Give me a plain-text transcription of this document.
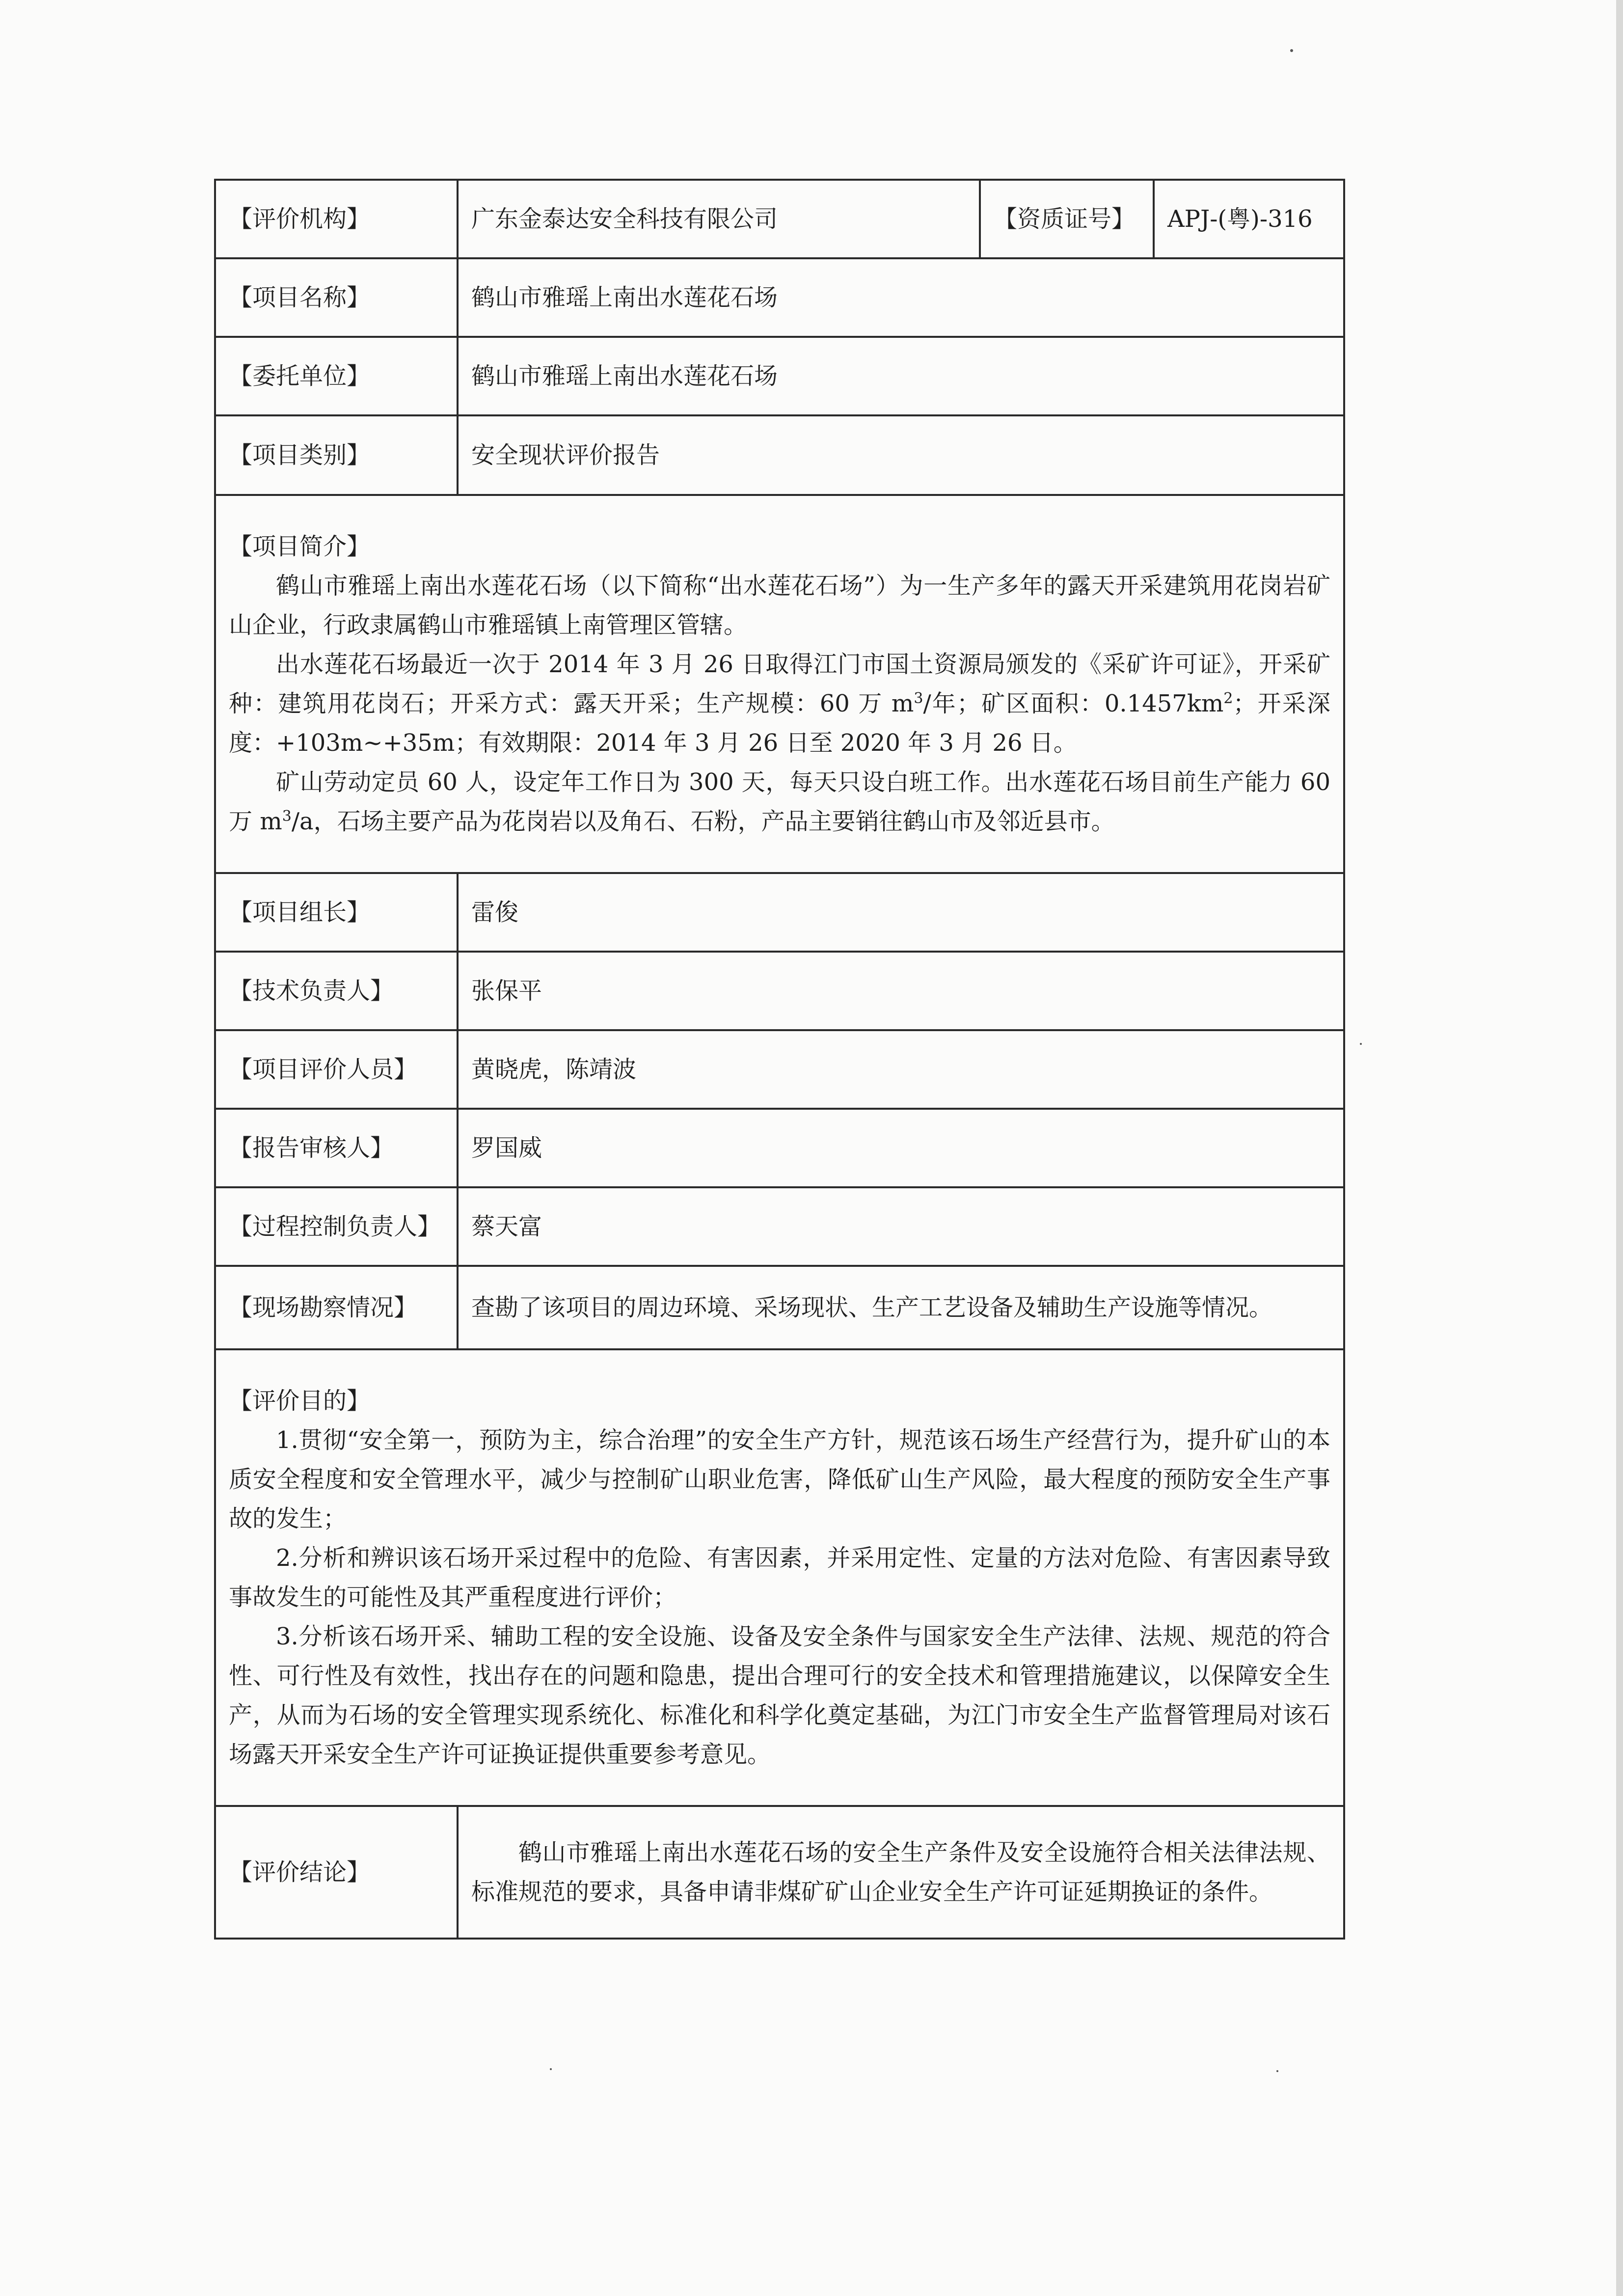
【评价机构】	广东金泰达安全科技有限公司	【资质证号】	APJ-(粤)-316
【项目名称】	鹤山市雅瑶上南出水莲花石场		
【委托单位】	鹤山市雅瑶上南出水莲花石场		
【项目类别】	安全现状评价报告		

【项目简介】

鹤山市雅瑶上南出水莲花石场（以下简称“出水莲花石场”）为一生产多年的露天开采建筑用花岗岩矿山企业，行政隶属鹤山市雅瑶镇上南管理区管辖。

出水莲花石场最近一次于 2014 年 3 月 26 日取得江门市国土资源局颁发的《采矿许可证》，开采矿种：建筑用花岗石；开采方式：露天开采；生产规模：60 万 $m^3/$年；矿区面积：$0.1457km^2$；开采深度：+103m~+35m；有效期限：2014 年 3 月 26 日至 2020 年 3 月 26 日。

矿山劳动定员 60 人，设定年工作日为 300 天，每天只设白班工作。出水莲花石场目前生产能力 60 万 $m^3/a$，石场主要产品为花岗岩以及角石、石粉，产品主要销往鹤山市及邻近县市。			

【项目组长】	雷俊		
【技术负责人】	张保平		
【项目评价人员】	黄晓虎，陈靖波		
【报告审核人】	罗国威		
【过程控制负责人】	蔡天富		
【现场勘察情况】	查勘了该项目的周边环境、采场现状、生产工艺设备及辅助生产设施等情况。		

【评价目的】

1.贯彻“安全第一，预防为主，综合治理”的安全生产方针，规范该石场生产经营行为，提升矿山的本质安全程度和安全管理水平，减少与控制矿山职业危害，降低矿山生产风险，最大程度的预防安全生产事故的发生；

2.分析和辨识该石场开采过程中的危险、有害因素，并采用定性、定量的方法对危险、有害因素导致事故发生的可能性及其严重程度进行评价；

3.分析该石场开采、辅助工程的安全设施、设备及安全条件与国家安全生产法律、法规、规范的符合性、可行性及有效性，找出存在的问题和隐患，提出合理可行的安全技术和管理措施建议，以保障安全生产，从而为石场的安全管理实现系统化、标准化和科学化奠定基础，为江门市安全生产监督管理局对该石场露天开采安全生产许可证换证提供重要参考意见。			

【评价结论】	鹤山市雅瑶上南出水莲花石场的安全生产条件及安全设施符合相关法律法规、标准规范的要求，具备申请非煤矿矿山企业安全生产许可证延期换证的条件。		
